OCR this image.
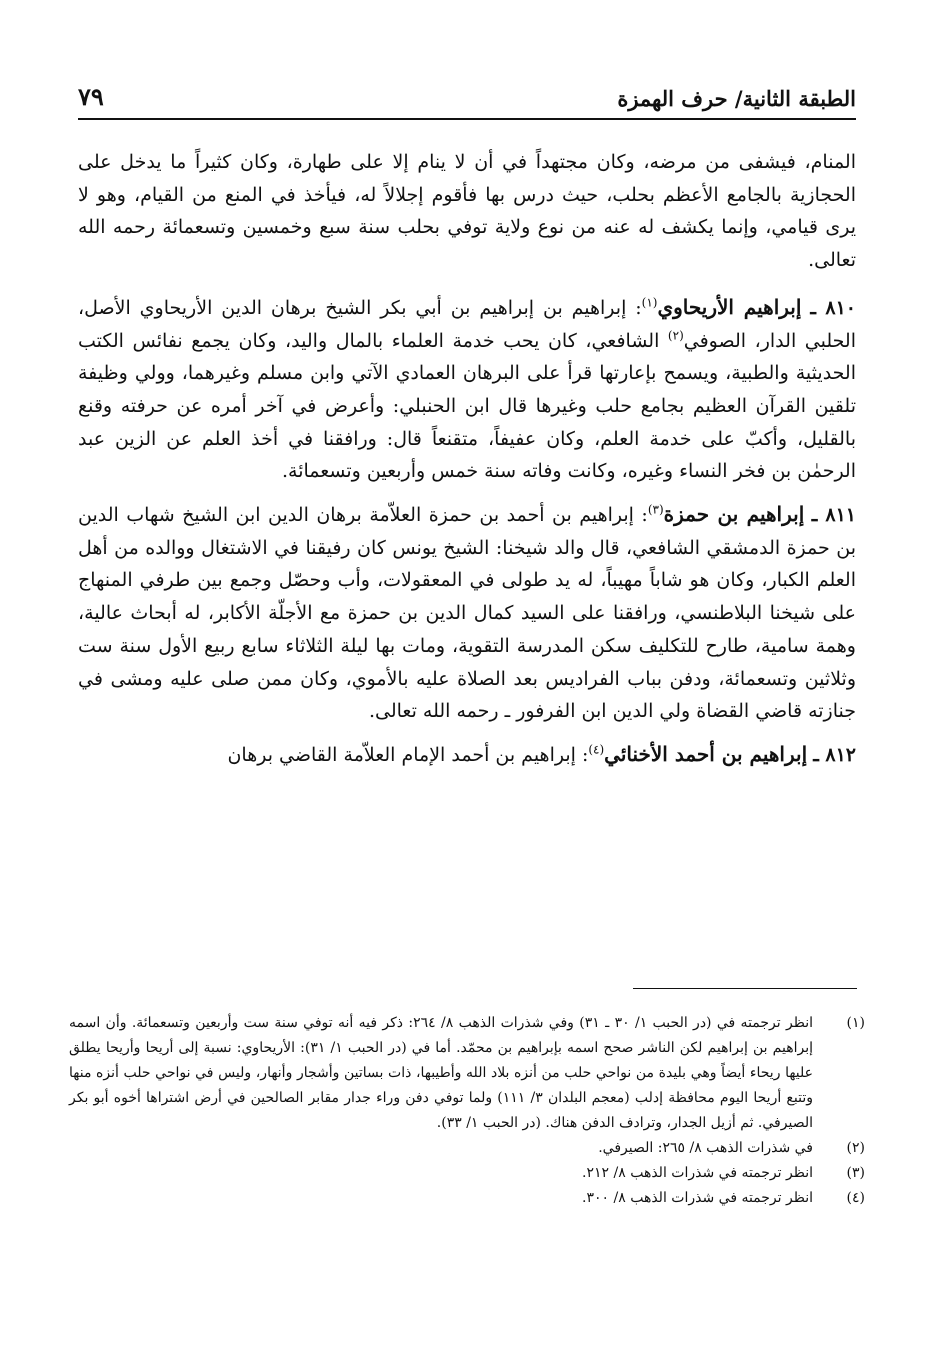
الطبقة الثانية/ حرف الهمزة
٧٩

المنام، فيشفى من مرضه، وكان مجتهداً في أن لا ينام إلا على طهارة، وكان كثيراً ما يدخل على الحجازية بالجامع الأعظم بحلب، حيث درس بها فأقوم إجلالاً له، فيأخذ في المنع من القيام، وهو لا يرى قيامي، وإنما يكشف له عنه من نوع ولاية توفي بحلب سنة سبع وخمسين وتسعمائة رحمه الله تعالى.

٨١٠ ـ إبراهيم الأريحاوي$^{(١)}$: إبراهيم بن إبراهيم بن أبي بكر الشيخ برهان الدين الأريحاوي الأصل، الحلبي الدار، الصوفي$^{(٢)}$ الشافعي، كان يحب خدمة العلماء بالمال واليد، وكان يجمع نفائس الكتب الحديثية والطبية، ويسمح بإعارتها قرأ على البرهان العمادي الآتي وابن مسلم وغيرهما، وولي وظيفة تلقين القرآن العظيم بجامع حلب وغيرها قال ابن الحنبلي: وأعرض في آخر أمره عن حرفته وقنع بالقليل، وأكبّ على خدمة العلم، وكان عفيفاً، متقنعاً قال: ورافقنا في أخذ العلم عن الزين عبد الرحمٰن بن فخر النساء وغيره، وكانت وفاته سنة خمس وأربعين وتسعمائة.

٨١١ ـ إبراهيم بن حمزة$^{(٣)}$: إبراهيم بن أحمد بن حمزة العلاّمة برهان الدين ابن الشيخ شهاب الدين بن حمزة الدمشقي الشافعي، قال والد شيخنا: الشيخ يونس كان رفيقنا في الاشتغال ووالده من أهل العلم الكبار، وكان هو شاباً مهيباً، له يد طولى في المعقولات، وأب وحصّل وجمع بين طرفي المنهاج على شيخنا البلاطنسي، ورافقنا على السيد كمال الدين بن حمزة مع الأجلّة الأكابر، له أبحاث عالية، وهمة سامية، طارح للتكليف سكن المدرسة التقوية، ومات بها ليلة الثلاثاء سابع ربيع الأول سنة ست وثلاثين وتسعمائة، ودفن بباب الفراديس بعد الصلاة عليه بالأموي، وكان ممن صلى عليه ومشى في جنازته قاضي القضاة ولي الدين ابن الفرفور ـ رحمه الله تعالى.

٨١٢ ـ إبراهيم بن أحمد الأخنائي$^{(٤)}$: إبراهيم بن أحمد الإمام العلاّمة القاضي برهان

(١)
انظر ترجمته في (در الحبب ١/ ٣٠ ـ ٣١) وفي شذرات الذهب ٨/ ٢٦٤: ذكر فيه أنه توفي سنة ست وأربعين وتسعمائة. وأن اسمه إبراهيم بن إبراهيم لكن الناشر صحح اسمه بإبراهيم بن محمّد. أما في (در الحبب ١/ ٣١): الأريحاوي: نسبة إلى أريحا وأريحا يطلق عليها ريحاء أيضاً وهي بليدة من نواحي حلب من أنزه بلاد الله وأطيبها، ذات بساتين وأشجار وأنهار، وليس في نواحي حلب أنزه منها وتتبع أريحا اليوم محافظة إدلب (معجم البلدان ٣/ ١١١) ولما توفي دفن وراء جدار مقابر الصالحين في أرض اشتراها أخوه أبو بكر الصيرفي. ثم أزيل الجدار، وترادف الدفن هناك. (در الحبب ١/ ٣٣).
(٢)
في شذرات الذهب ٨/ ٢٦٥: الصيرفي.
(٣)
انظر ترجمته في شذرات الذهب ٨/ ٢١٢.
(٤)
انظر ترجمته في شذرات الذهب ٨/ ٣٠٠.
